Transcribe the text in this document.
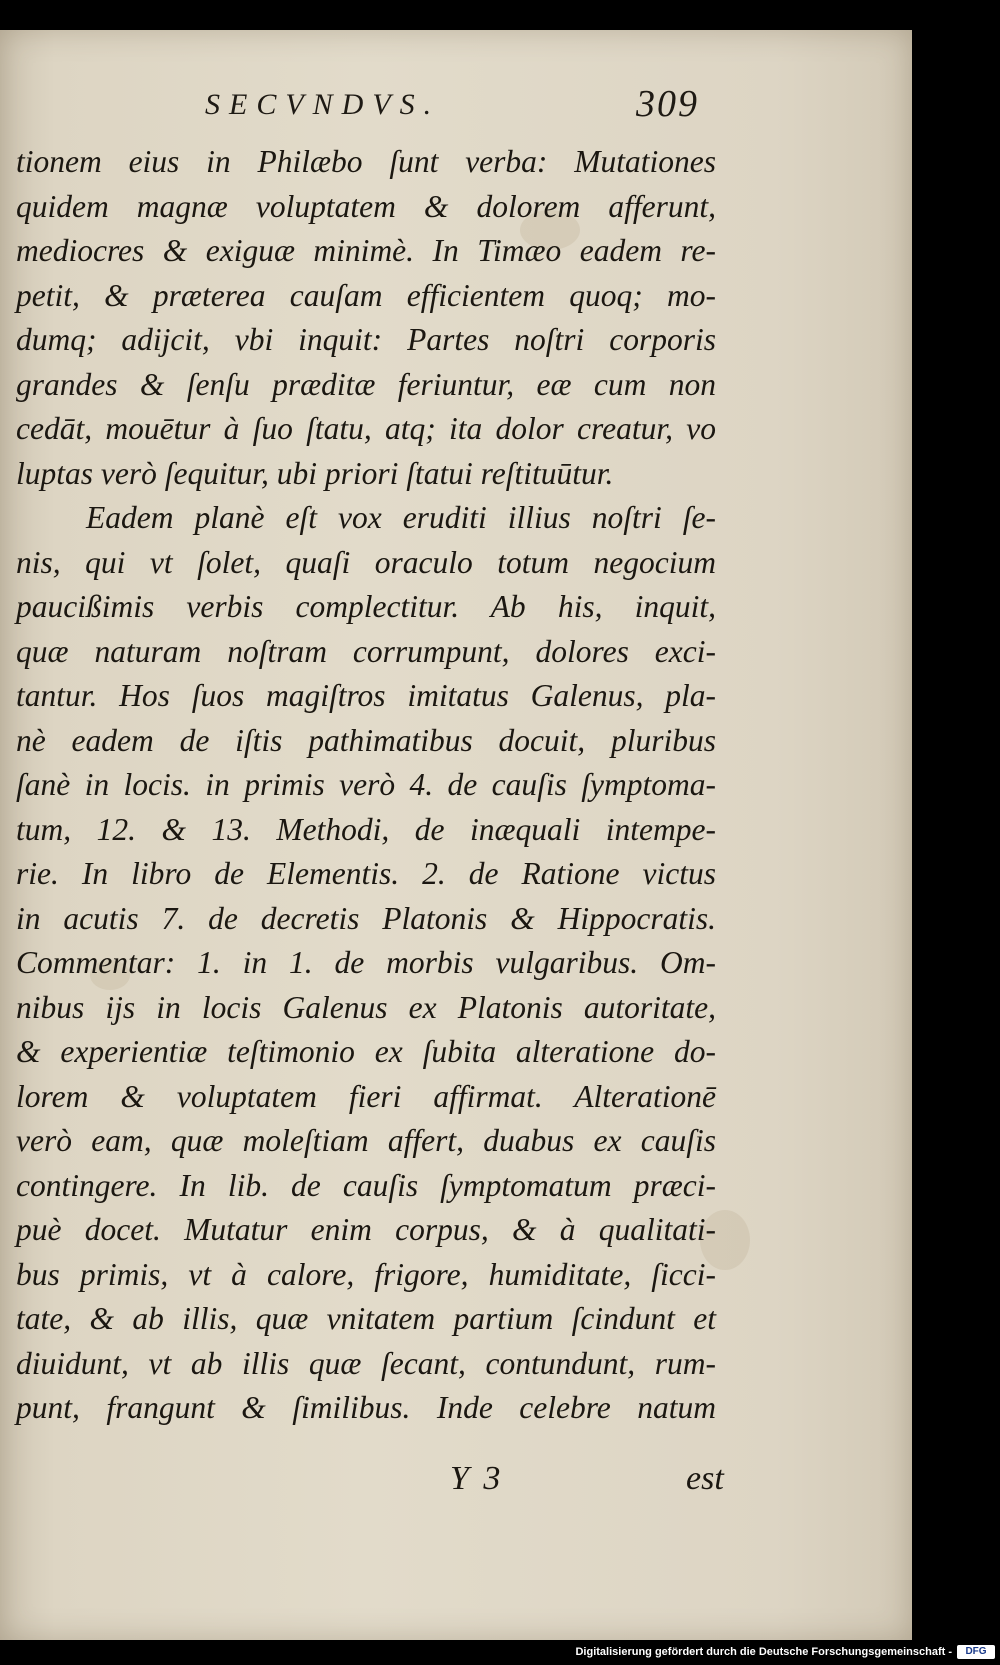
SECVNDVS.	309
tionem eius in Philæbo ſunt verba: Mutationes
quidem magnæ voluptatem & dolorem afferunt,
mediocres & exiguæ minimè. In Timæo eadem re-
petit, & præterea cauſam efficientem quoq; mo-
dumq; adijcit, vbi inquit: Partes noſtri corporis
grandes & ſenſu præditæ feriuntur, eæ cum non
cedāt, mouētur à ſuo ſtatu, atq; ita dolor creatur, vo
luptas verò ſequitur, ubi priori ſtatui reſtituūtur.
Eadem planè eſt vox eruditi illius noſtri ſe-
nis, qui vt ſolet, quaſi oraculo totum negocium
paucißimis verbis complectitur. Ab his, inquit,
quæ naturam noſtram corrumpunt, dolores exci-
tantur. Hos ſuos magiſtros imitatus Galenus, pla-
nè eadem de iſtis pathimatibus docuit, pluribus
ſanè in locis. in primis verò 4. de cauſis ſymptoma-
tum, 12. & 13. Methodi, de inæquali intempe-
rie. In libro de Elementis. 2. de Ratione victus
in acutis 7. de decretis Platonis & Hippocratis.
Commentar: 1. in 1. de morbis vulgaribus. Om-
nibus ijs in locis Galenus ex Platonis autoritate,
& experientiæ teſtimonio ex ſubita alteratione do-
lorem & voluptatem fieri affirmat. Alterationē
verò eam, quæ moleſtiam affert, duabus ex cauſis
contingere. In lib. de cauſis ſymptomatum præci-
puè docet. Mutatur enim corpus, & à qualitati-
bus primis, vt à calore, frigore, humiditate, ſicci-
tate, & ab illis, quæ vnitatem partium ſcindunt et
diuidunt, vt ab illis quæ ſecant, contundunt, rum-
punt, frangunt & ſimilibus. Inde celebre natum
Y 3	est
Digitalisierung gefördert durch die Deutsche Forschungsgemeinschaft -	DFG
